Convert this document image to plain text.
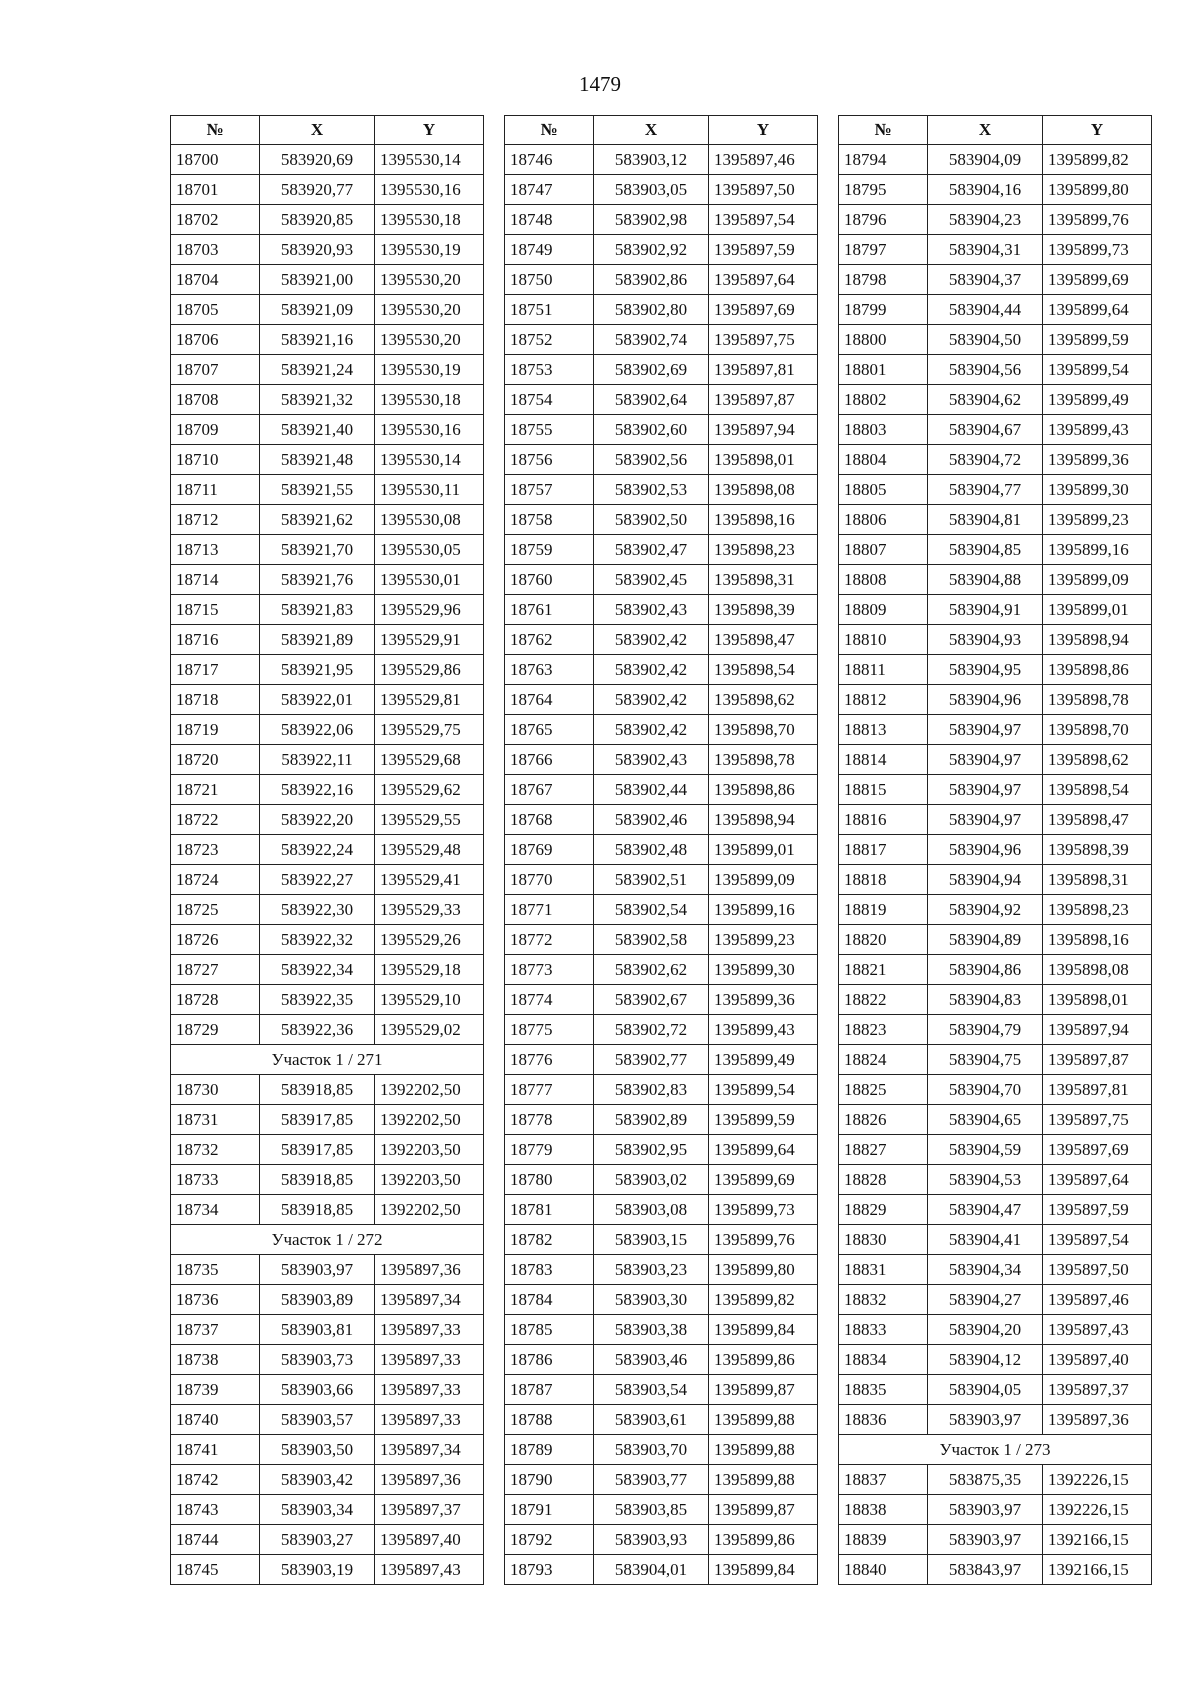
1479
№	X	Y
18700	583920,69	1395530,14
18701	583920,77	1395530,16
18702	583920,85	1395530,18
18703	583920,93	1395530,19
18704	583921,00	1395530,20
18705	583921,09	1395530,20
18706	583921,16	1395530,20
18707	583921,24	1395530,19
18708	583921,32	1395530,18
18709	583921,40	1395530,16
18710	583921,48	1395530,14
18711	583921,55	1395530,11
18712	583921,62	1395530,08
18713	583921,70	1395530,05
18714	583921,76	1395530,01
18715	583921,83	1395529,96
18716	583921,89	1395529,91
18717	583921,95	1395529,86
18718	583922,01	1395529,81
18719	583922,06	1395529,75
18720	583922,11	1395529,68
18721	583922,16	1395529,62
18722	583922,20	1395529,55
18723	583922,24	1395529,48
18724	583922,27	1395529,41
18725	583922,30	1395529,33
18726	583922,32	1395529,26
18727	583922,34	1395529,18
18728	583922,35	1395529,10
18729	583922,36	1395529,02
Участок 1 / 271		
18730	583918,85	1392202,50
18731	583917,85	1392202,50
18732	583917,85	1392203,50
18733	583918,85	1392203,50
18734	583918,85	1392202,50
Участок 1 / 272		
18735	583903,97	1395897,36
18736	583903,89	1395897,34
18737	583903,81	1395897,33
18738	583903,73	1395897,33
18739	583903,66	1395897,33
18740	583903,57	1395897,33
18741	583903,50	1395897,34
18742	583903,42	1395897,36
18743	583903,34	1395897,37
18744	583903,27	1395897,40
18745	583903,19	1395897,43
№	X	Y
18746	583903,12	1395897,46
18747	583903,05	1395897,50
18748	583902,98	1395897,54
18749	583902,92	1395897,59
18750	583902,86	1395897,64
18751	583902,80	1395897,69
18752	583902,74	1395897,75
18753	583902,69	1395897,81
18754	583902,64	1395897,87
18755	583902,60	1395897,94
18756	583902,56	1395898,01
18757	583902,53	1395898,08
18758	583902,50	1395898,16
18759	583902,47	1395898,23
18760	583902,45	1395898,31
18761	583902,43	1395898,39
18762	583902,42	1395898,47
18763	583902,42	1395898,54
18764	583902,42	1395898,62
18765	583902,42	1395898,70
18766	583902,43	1395898,78
18767	583902,44	1395898,86
18768	583902,46	1395898,94
18769	583902,48	1395899,01
18770	583902,51	1395899,09
18771	583902,54	1395899,16
18772	583902,58	1395899,23
18773	583902,62	1395899,30
18774	583902,67	1395899,36
18775	583902,72	1395899,43
18776	583902,77	1395899,49
18777	583902,83	1395899,54
18778	583902,89	1395899,59
18779	583902,95	1395899,64
18780	583903,02	1395899,69
18781	583903,08	1395899,73
18782	583903,15	1395899,76
18783	583903,23	1395899,80
18784	583903,30	1395899,82
18785	583903,38	1395899,84
18786	583903,46	1395899,86
18787	583903,54	1395899,87
18788	583903,61	1395899,88
18789	583903,70	1395899,88
18790	583903,77	1395899,88
18791	583903,85	1395899,87
18792	583903,93	1395899,86
18793	583904,01	1395899,84
№	X	Y
18794	583904,09	1395899,82
18795	583904,16	1395899,80
18796	583904,23	1395899,76
18797	583904,31	1395899,73
18798	583904,37	1395899,69
18799	583904,44	1395899,64
18800	583904,50	1395899,59
18801	583904,56	1395899,54
18802	583904,62	1395899,49
18803	583904,67	1395899,43
18804	583904,72	1395899,36
18805	583904,77	1395899,30
18806	583904,81	1395899,23
18807	583904,85	1395899,16
18808	583904,88	1395899,09
18809	583904,91	1395899,01
18810	583904,93	1395898,94
18811	583904,95	1395898,86
18812	583904,96	1395898,78
18813	583904,97	1395898,70
18814	583904,97	1395898,62
18815	583904,97	1395898,54
18816	583904,97	1395898,47
18817	583904,96	1395898,39
18818	583904,94	1395898,31
18819	583904,92	1395898,23
18820	583904,89	1395898,16
18821	583904,86	1395898,08
18822	583904,83	1395898,01
18823	583904,79	1395897,94
18824	583904,75	1395897,87
18825	583904,70	1395897,81
18826	583904,65	1395897,75
18827	583904,59	1395897,69
18828	583904,53	1395897,64
18829	583904,47	1395897,59
18830	583904,41	1395897,54
18831	583904,34	1395897,50
18832	583904,27	1395897,46
18833	583904,20	1395897,43
18834	583904,12	1395897,40
18835	583904,05	1395897,37
18836	583903,97	1395897,36
Участок 1 / 273		
18837	583875,35	1392226,15
18838	583903,97	1392226,15
18839	583903,97	1392166,15
18840	583843,97	1392166,15
